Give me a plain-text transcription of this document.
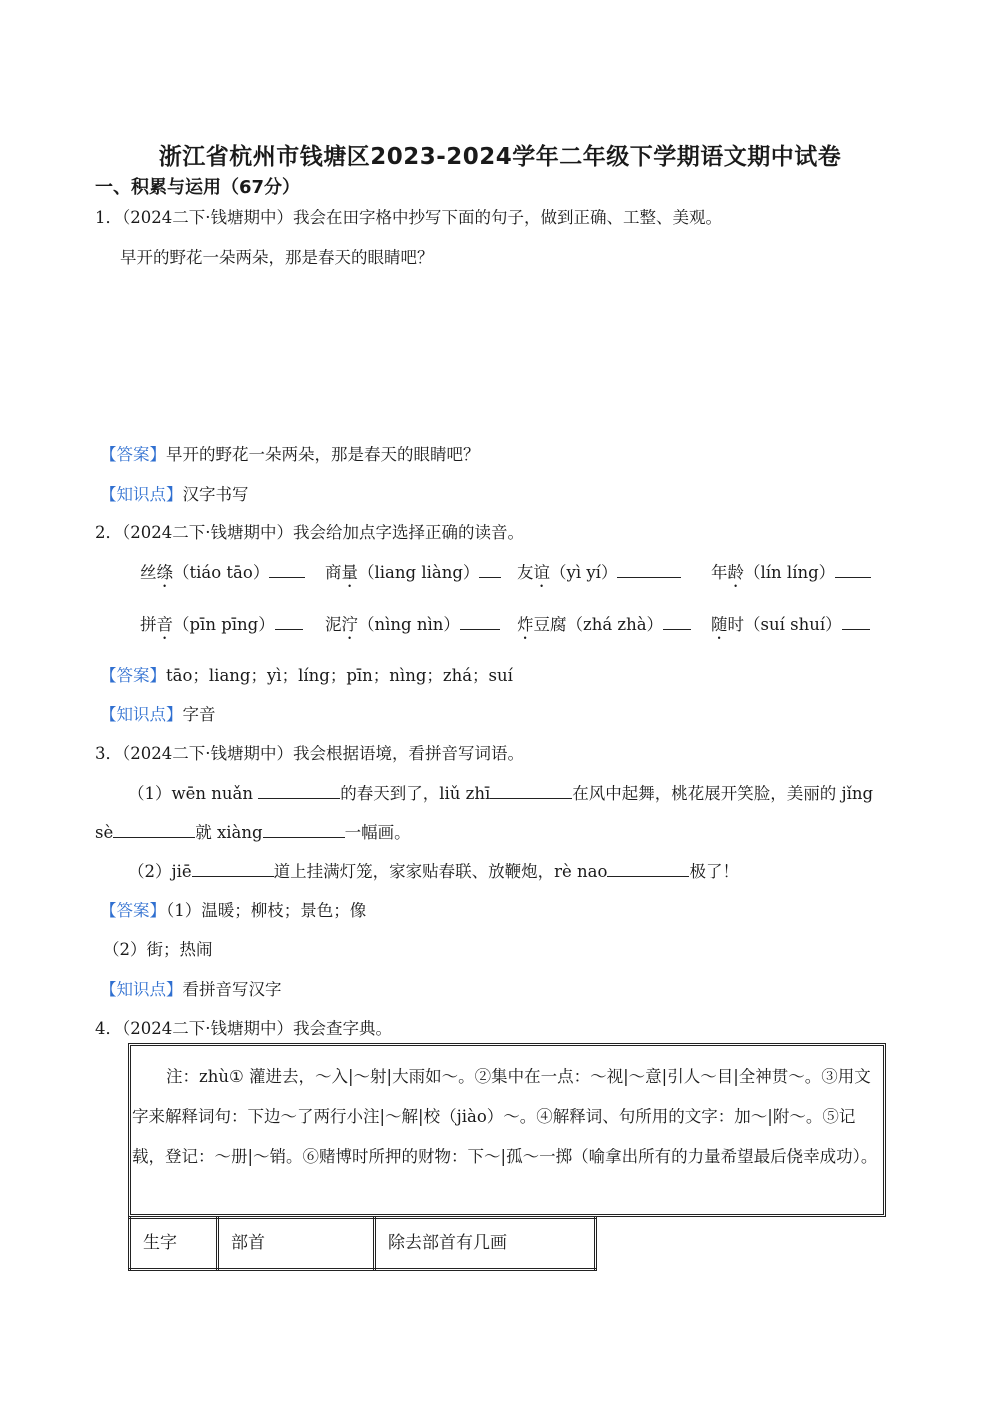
浙江省杭州市钱塘区2023-2024学年二年级下学期语文期中试卷
一、积累与运用（67分）
1．（2024二下·钱塘期中）我会在田字格中抄写下面的句子，做到正确、工整、美观。
早开的野花一朵两朵，那是春天的眼睛吧？
【答案】早开的野花一朵两朵，那是春天的眼睛吧？
【知识点】汉字书写
2．（2024二下·钱塘期中）我会给加点字选择正确的读音。
丝绦（tiáo tāo）	商量（liang liàng）	友谊（yì yí）	年龄（lín líng）
拼音（pīn pīng）	泥泞（nìng nìn）	炸豆腐（zhá zhà）	随时（suí shuí）
【答案】tāo；liang；yì；líng；pīn；nìng；zhá；suí
【知识点】字音
3．（2024二下·钱塘期中）我会根据语境，看拼音写词语。
（1）wēn nuǎn	的春天到了，liǔ zhī	在风中起舞，桃花展开笑脸，美丽的 jǐng
sè	就 xiàng	一幅画。
（2）jiē	道上挂满灯笼，家家贴春联、放鞭炮，rè nao	极了！
【答案】（1）温暖；柳枝；景色；像
（2）街；热闹
【知识点】看拼音写汉字
4．（2024二下·钱塘期中）我会查字典。
注：zhù① 灌进去，～入|～射|大雨如～。②集中在一点：～视|～意|引人～目|全神贯～。③用文字来解释词句：下边～了两行小注|～解|校（jiào）～。④解释词、句所用的文字：加～|附～。⑤记载，登记：～册|～销。⑥赌博时所押的财物：下～|孤～一掷（喻拿出所有的力量希望最后侥幸成功）。
生字	部首	除去部首有几画
